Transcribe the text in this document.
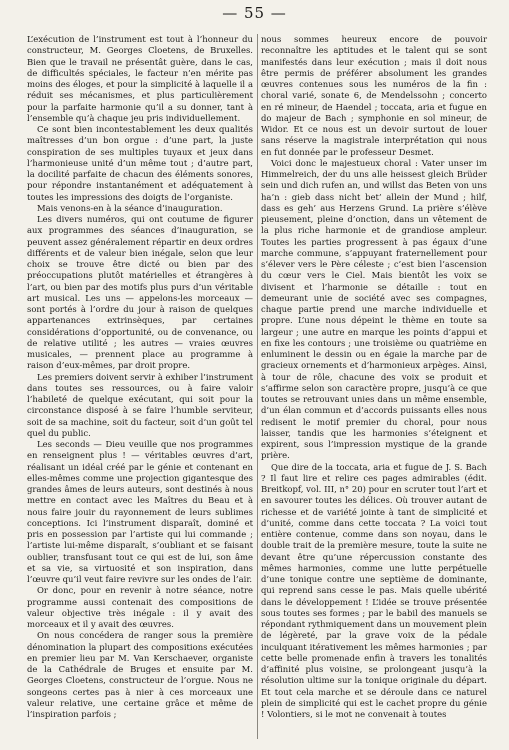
— 55 —

L’exécution de l’instrument est tout à l’honneur du constructeur, M. Georges Cloetens, de Bruxelles. Bien que le travail ne présentât guère, dans le cas, de difficultés spéciales, le facteur n’en mérite pas moins des éloges, et pour la simplicité à laquelle il a réduit ses mécanismes, et plus particulièrement pour la parfaite harmonie qu’il a su donner, tant à l’ensemble qu’à chaque jeu pris individuellement.

Ce sont bien incontestablement les deux qualités maîtresses d’un bon orgue : d’une part, la juste conspiration de ses multiples tuyaux et jeux dans l’harmonieuse unité d’un même tout ; d’autre part, la docilité parfaite de chacun des éléments sonores, pour répondre instantanément et adéquatement à toutes les impressions des doigts de l’organiste.

Mais venons-en à la séance d’inauguration.

Les divers numéros, qui ont coutume de figurer aux programmes des séances d’inauguration, se peuvent assez généralement répartir en deux ordres différents et de valeur bien inégale, selon que leur choix se trouve être dicté ou bien par des préoccupations plutôt matérielles et étrangères à l’art, ou bien par des motifs plus purs d’un véritable art musical. Les uns — appelons-les morceaux — sont portés à l’ordre du jour à raison de quelques appartenances extrinsèques, par certaines considérations d’opportunité, ou de convenance, ou de relative utilité ; les autres — vraies œuvres musicales, — prennent place au programme à raison d’eux-mêmes, par droit propre.

Les premiers doivent servir à exhiber l’instrument dans toutes ses ressources, ou à faire valoir l’habileté de quelque exécutant, qui soit pour la circonstance disposé à se faire l’humble serviteur, soit de sa machine, soit du facteur, soit d’un goût tel quel du public.

Les seconds — Dieu veuille que nos programmes en renseignent plus ! — véritables œuvres d’art, réalisant un idéal créé par le génie et contenant en elles-mêmes comme une projection gigantesque des grandes âmes de leurs auteurs, sont destinés à nous mettre en contact avec les Maîtres du Beau et à nous faire jouir du rayonnement de leurs sublimes conceptions. Ici l’instrument disparaît, dominé et pris en possession par l’artiste qui lui commande ; l’artiste lui-même disparaît, s’oubliant et se faisant oublier, transfusant tout ce qui est de lui, son âme et sa vie, sa virtuosité et son inspiration, dans l’œuvre qu’il veut faire revivre sur les ondes de l’air.

Or donc, pour en revenir à notre séance, notre programme aussi contenait des compositions de valeur objective très inégale : il y avait des morceaux et il y avait des œuvres.

On nous concédera de ranger sous la première dénomination la plupart des compositions exécutées en premier lieu par M. Van Kerschaever, organiste de la Cathédrale de Bruges et ensuite par M. Georges Cloetens, constructeur de l’orgue. Nous ne songeons certes pas à nier à ces morceaux une valeur relative, une certaine grâce et même de l’inspiration parfois ;

nous sommes heureux encore de pouvoir reconnaître les aptitudes et le talent qui se sont manifestés dans leur exécution ; mais il doit nous être permis de préférer absolument les grandes œuvres contenues sous les numéros de la fin : choral varié, sonate 6, de Mendelssohn ; concerto en ré mineur, de Haendel ; toccata, aria et fugue en do majeur de Bach ; symphonie en sol mineur, de Widor. Et ce nous est un devoir surtout de louer sans réserve la magistrale interprétation qui nous en fut donnée par le professeur Desmet.

Voici donc le majestueux choral : Vater unser im Himmelreich, der du uns alle heissest gleich Brüder sein und dich rufen an, und willst das Beten von uns ha’n : gieb dass nicht bet’ allein der Mund ; hilf, dass es geh’ aus Herzens Grund. La prière s’élève pieusement, pleine d’onction, dans un vêtement de la plus riche harmonie et de grandiose ampleur. Toutes les parties progressent à pas égaux d’une marche commune, s’appuyant fraternellement pour s’élever vers le Père céleste ; c’est bien l’ascension du cœur vers le Ciel. Mais bientôt les voix se divisent et l’harmonie se détaille : tout en demeurant unie de société avec ses compagnes, chaque partie prend une marche individuelle et propre. L’une nous dépeint le thème en toute sa largeur ; une autre en marque les points d’appui et en fixe les contours ; une troisième ou quatrième en enluminent le dessin ou en égaie la marche par de gracieux ornements et d’harmonieux arpèges. Ainsi, à tour de rôle, chacune des voix se produit et s’affirme selon son caractère propre, jusqu’à ce que toutes se retrouvant unies dans un même ensemble, d’un élan commun et d’accords puissants elles nous redisent le motif premier du choral, pour nous laisser, tandis que les harmonies s’éteignent et expirent, sous l’impression mystique de la grande prière.

Que dire de la toccata, aria et fugue de J. S. Bach ? Il faut lire et relire ces pages admirables (édit. Breitkopf, vol. III, n° 20) pour en scruter tout l’art et en savourer toutes les délices. Où trouver autant de richesse et de variété jointe à tant de simplicité et d’unité, comme dans cette toccata ? La voici tout entière contenue, comme dans son noyau, dans le double trait de la première mesure, toute la suite ne devant être qu’une répercussion constante des mêmes harmonies, comme une lutte perpétuelle d’une tonique contre une septième de dominante, qui reprend sans cesse le pas. Mais quelle ubérité dans le développement ! L’idée se trouve présentée sous toutes ses formes ; par le babil des manuels se répondant rythmiquement dans un mouvement plein de légèreté, par la grave voix de la pédale inculquant itérativement les mêmes harmonies ; par cette belle promenade enfin à travers les tonalités d’affinité plus voisine, se prolongeant jusqu’à la résolution ultime sur la tonique originale du départ. Et tout cela marche et se déroule dans ce naturel plein de simplicité qui est le cachet propre du génie ! Volontiers, si le mot ne convenait à toutes
